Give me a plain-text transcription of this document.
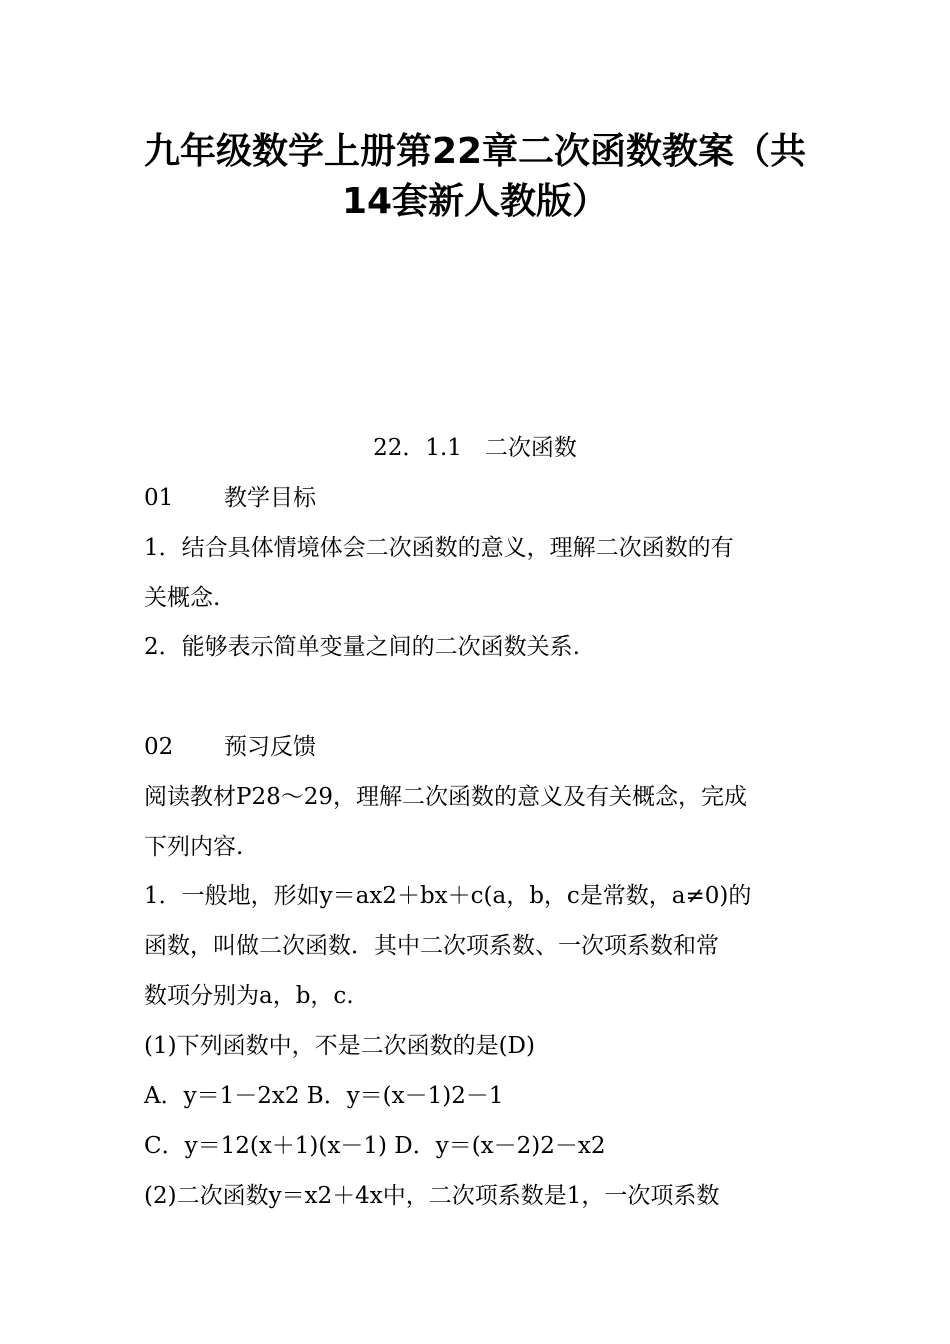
九年级数学上册第22章二次函数教案（共
14套新人教版）
22．1.1　二次函数
01 教学目标
1．结合具体情境体会二次函数的意义，理解二次函数的有
关概念.
2．能够表示简单变量之间的二次函数关系.
02 预习反馈
阅读教材P28～29，理解二次函数的意义及有关概念，完成
下列内容.
1．一般地，形如y＝ax2＋bx＋c(a，b，c是常数，a≠0)的
函数，叫做二次函数．其中二次项系数、一次项系数和常
数项分别为a，b，c.
(1)下列函数中，不是二次函数的是(D)
A．y＝1－2x2 B．y＝(x－1)2－1
C．y＝12(x＋1)(x－1) D．y＝(x－2)2－x2
(2)二次函数y＝x2＋4x中，二次项系数是1，一次项系数
